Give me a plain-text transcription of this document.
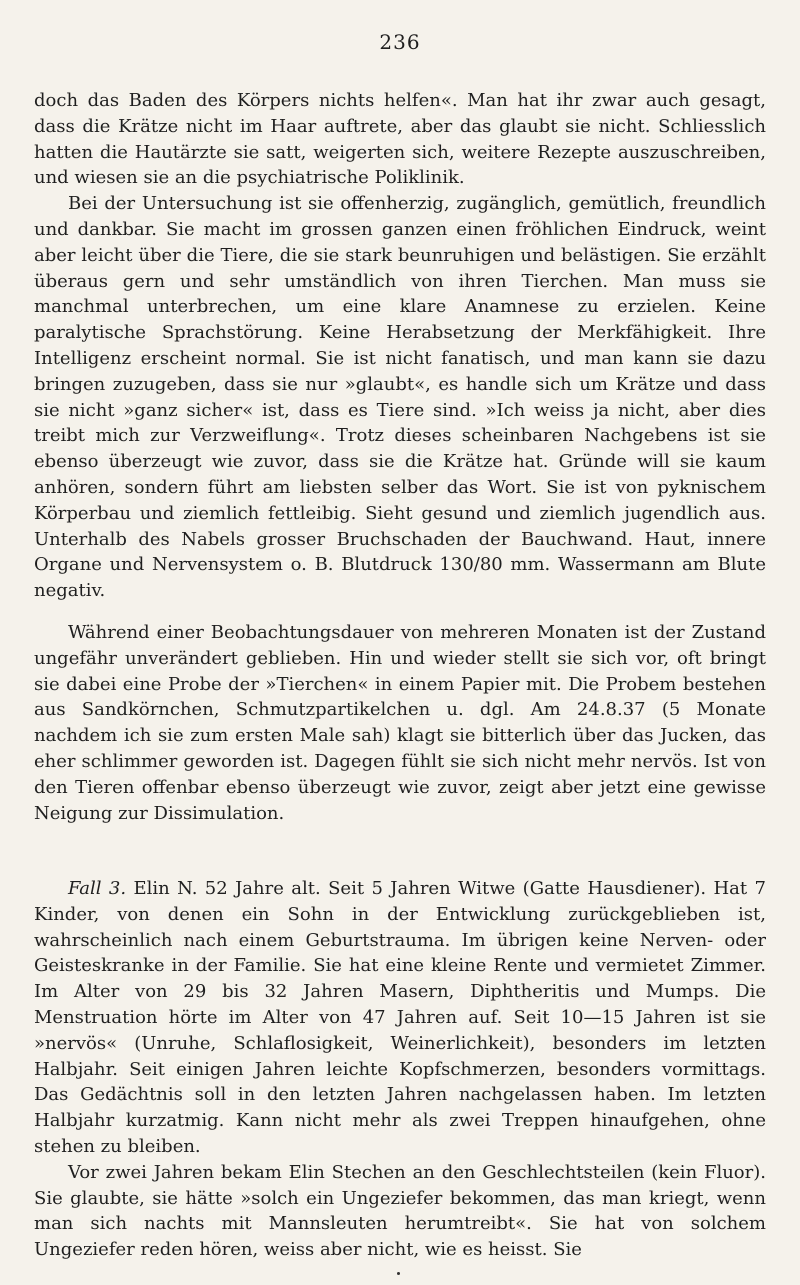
236

doch das Baden des Körpers nichts helfen«. Man hat ihr zwar auch gesagt, dass die Krätze nicht im Haar auftrete, aber das glaubt sie nicht. Schliesslich hatten die Hautärzte sie satt, weigerten sich, weitere Rezepte auszuschreiben, und wiesen sie an die psychiatrische Poliklinik.

Bei der Untersuchung ist sie offenherzig, zugänglich, gemütlich, freundlich und dankbar. Sie macht im grossen ganzen einen fröhlichen Eindruck, weint aber leicht über die Tiere, die sie stark beunruhigen und belästigen. Sie erzählt überaus gern und sehr umständlich von ihren Tierchen. Man muss sie manchmal unterbrechen, um eine klare Anamnese zu erzielen. Keine paralytische Sprachstörung. Keine Herabsetzung der Merkfähigkeit. Ihre Intelligenz erscheint normal. Sie ist nicht fanatisch, und man kann sie dazu bringen zuzugeben, dass sie nur »glaubt«, es handle sich um Krätze und dass sie nicht »ganz sicher« ist, dass es Tiere sind. »Ich weiss ja nicht, aber dies treibt mich zur Verzweiflung«. Trotz dieses scheinbaren Nachgebens ist sie ebenso überzeugt wie zuvor, dass sie die Krätze hat. Gründe will sie kaum anhören, sondern führt am liebsten selber das Wort. Sie ist von pyknischem Körperbau und ziemlich fettleibig. Sieht gesund und ziemlich jugendlich aus. Unterhalb des Nabels grosser Bruchschaden der Bauchwand. Haut, innere Organe und Nervensystem o. B. Blutdruck 130/80 mm. Wassermann am Blute negativ.

Während einer Beobachtungsdauer von mehreren Monaten ist der Zustand ungefähr unverändert geblieben. Hin und wieder stellt sie sich vor, oft bringt sie dabei eine Probe der »Tierchen« in einem Papier mit. Die Probem bestehen aus Sandkörnchen, Schmutzpartikelchen u. dgl. Am 24.8.37 (5 Monate nachdem ich sie zum ersten Male sah) klagt sie bitterlich über das Jucken, das eher schlimmer geworden ist. Dagegen fühlt sie sich nicht mehr nervös. Ist von den Tieren offenbar ebenso überzeugt wie zuvor, zeigt aber jetzt eine gewisse Neigung zur Dissimulation.

Fall 3. Elin N. 52 Jahre alt. Seit 5 Jahren Witwe (Gatte Hausdiener). Hat 7 Kinder, von denen ein Sohn in der Entwicklung zurückgeblieben ist, wahrscheinlich nach einem Geburtstrauma. Im übrigen keine Nerven- oder Geisteskranke in der Familie. Sie hat eine kleine Rente und vermietet Zimmer. Im Alter von 29 bis 32 Jahren Masern, Diphtheritis und Mumps. Die Menstruation hörte im Alter von 47 Jahren auf. Seit 10—15 Jahren ist sie »nervös« (Unruhe, Schlaflosigkeit, Weinerlichkeit), besonders im letzten Halbjahr. Seit einigen Jahren leichte Kopfschmerzen, besonders vormittags. Das Gedächtnis soll in den letzten Jahren nachgelassen haben. Im letzten Halbjahr kurzatmig. Kann nicht mehr als zwei Treppen hinaufgehen, ohne stehen zu bleiben.

Vor zwei Jahren bekam Elin Stechen an den Geschlechtsteilen (kein Fluor). Sie glaubte, sie hätte »solch ein Ungeziefer bekommen, das man kriegt, wenn man sich nachts mit Mannsleuten herumtreibt«. Sie hat von solchem Ungeziefer reden hören, weiss aber nicht, wie es heisst. Sie
